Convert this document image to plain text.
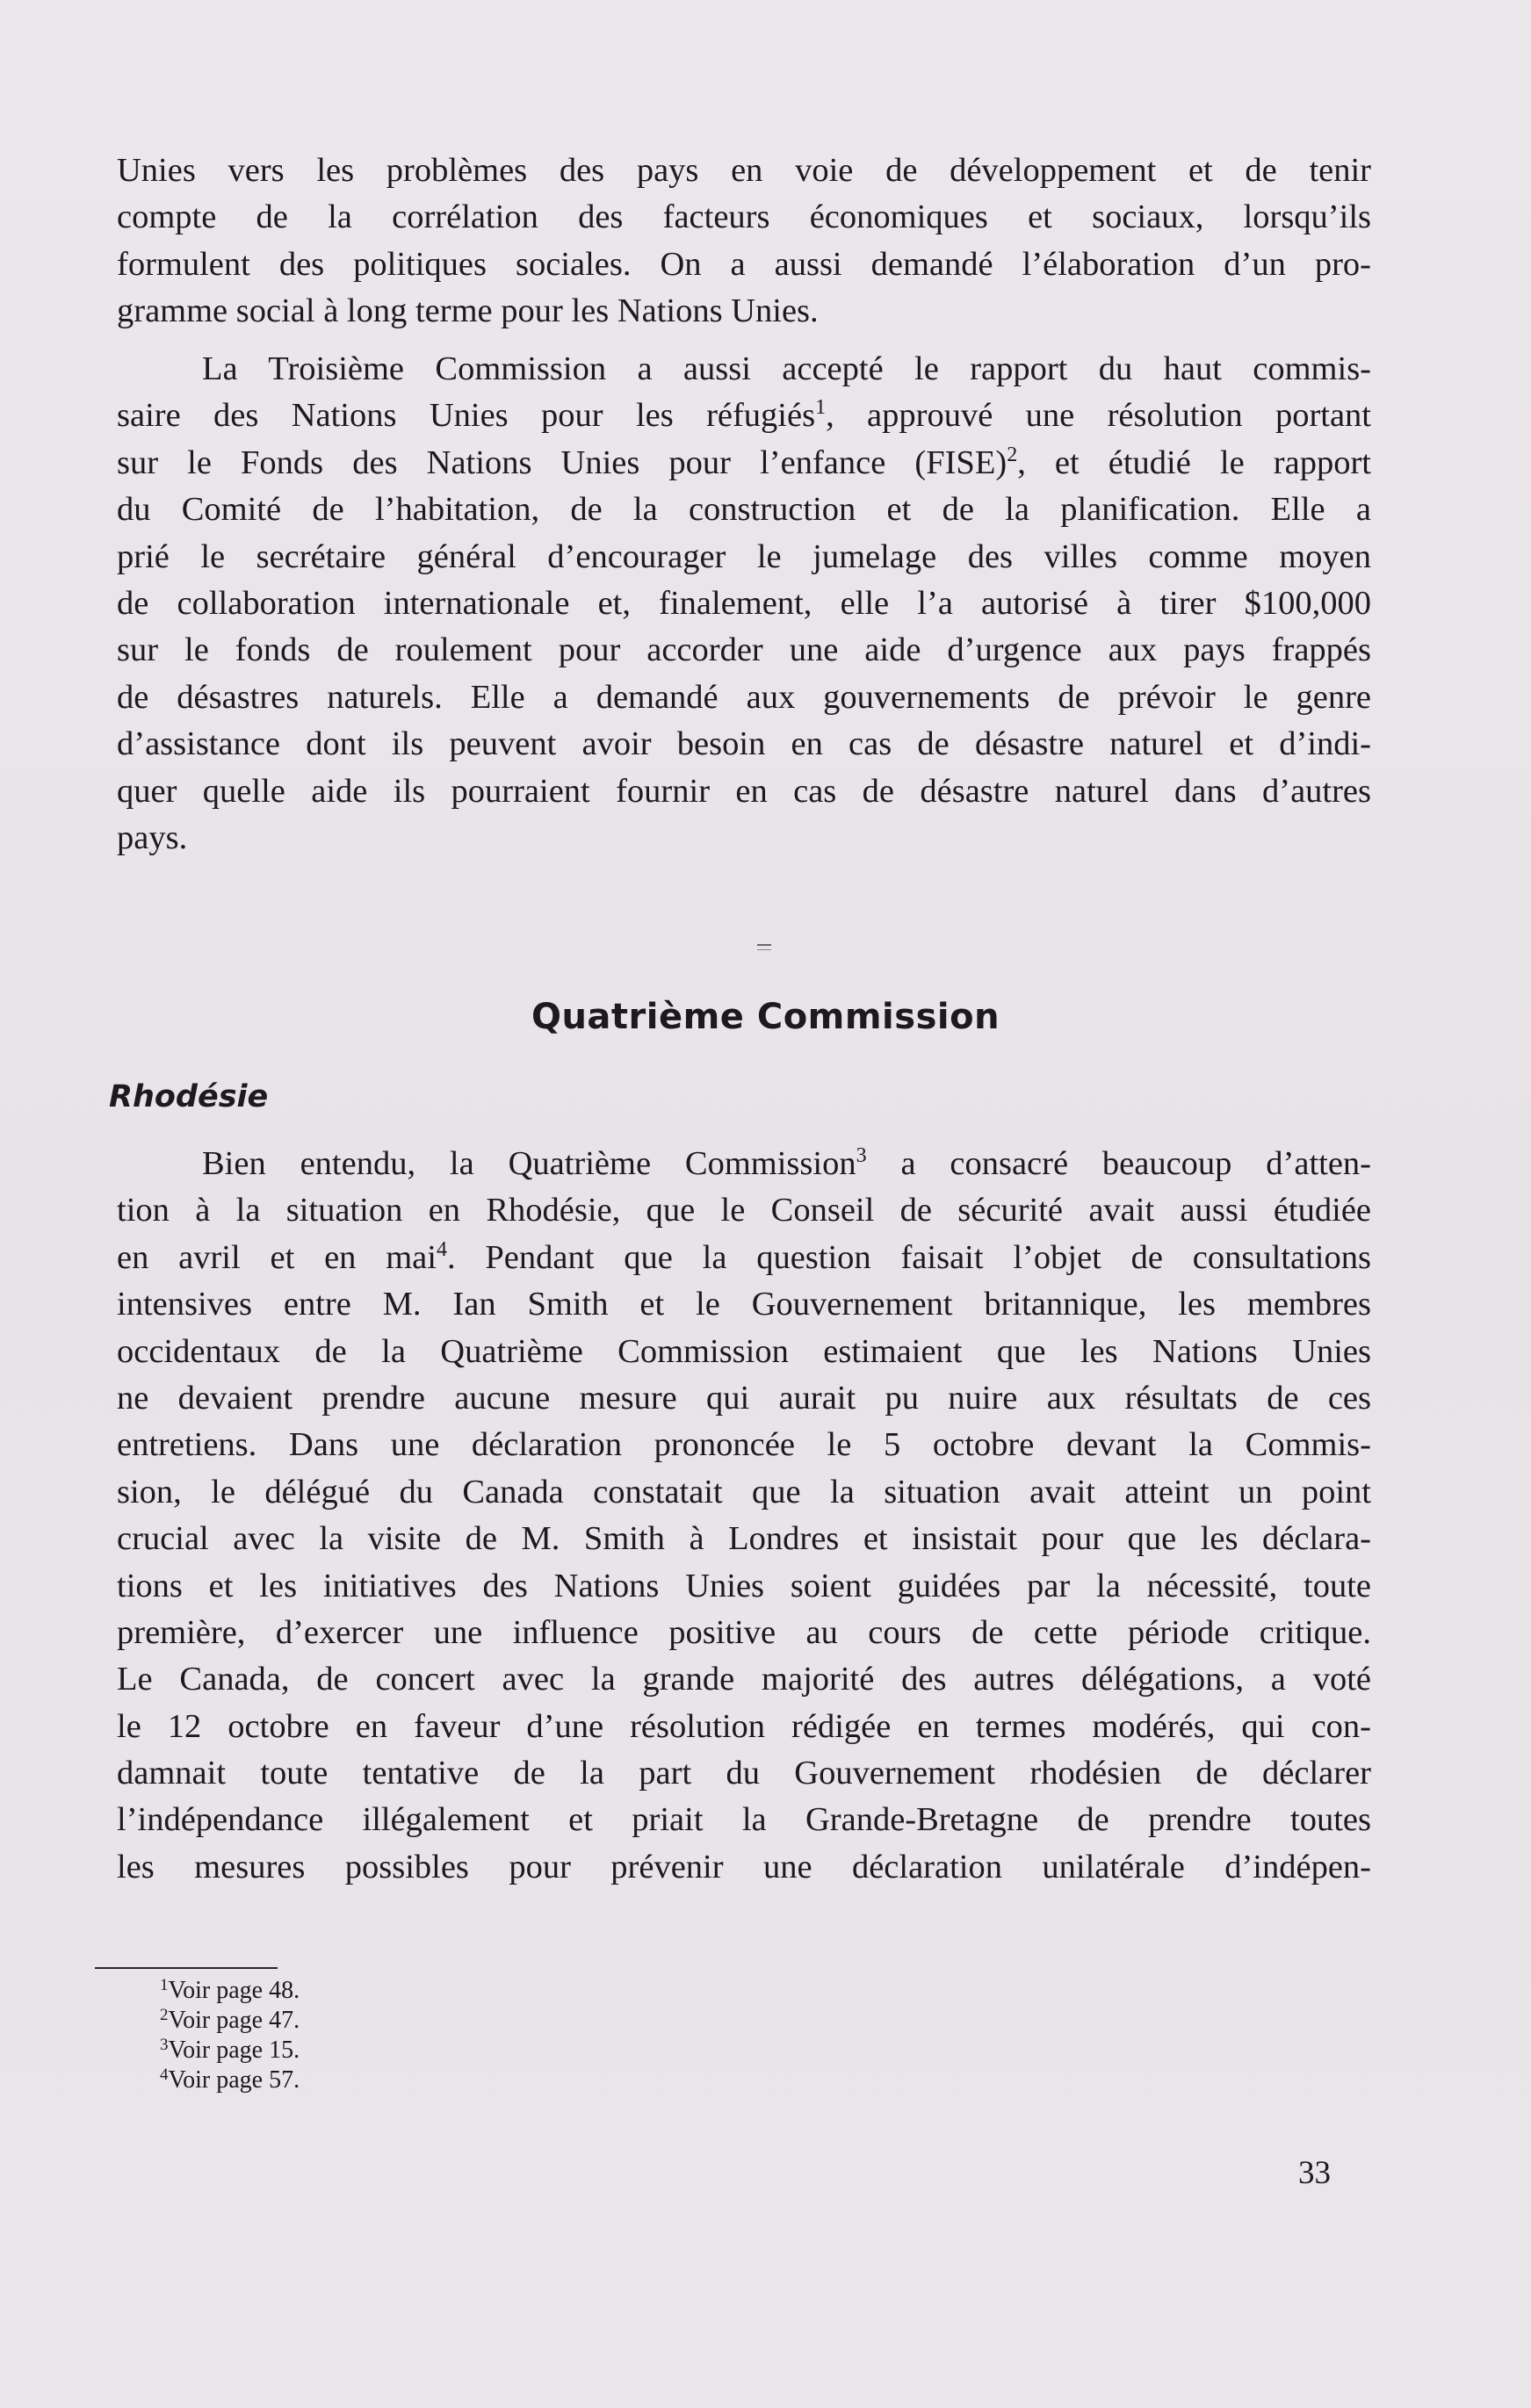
Unies vers les problèmes des pays en voie de développement et de tenir
compte de la corrélation des facteurs économiques et sociaux, lorsqu’ils
formulent des politiques sociales. On a aussi demandé l’élaboration d’un pro-
gramme social à long terme pour les Nations Unies.
La Troisième Commission a aussi accepté le rapport du haut commis-
saire des Nations Unies pour les réfugiés$^1$, approuvé une résolution portant
sur le Fonds des Nations Unies pour l’enfance (FISE)$^2$, et étudié le rapport
du Comité de l’habitation, de la construction et de la planification. Elle a
prié le secrétaire général d’encourager le jumelage des villes comme moyen
de collaboration internationale et, finalement, elle l’a autorisé à tirer $100,000
sur le fonds de roulement pour accorder une aide d’urgence aux pays frappés
de désastres naturels. Elle a demandé aux gouvernements de prévoir le genre
d’assistance dont ils peuvent avoir besoin en cas de désastre naturel et d’indi-
quer quelle aide ils pourraient fournir en cas de désastre naturel dans d’autres
pays.
Quatrième Commission
Rhodésie
Bien entendu, la Quatrième Commission$^3$ a consacré beaucoup d’atten-
tion à la situation en Rhodésie, que le Conseil de sécurité avait aussi étudiée
en avril et en mai$^4$. Pendant que la question faisait l’objet de consultations
intensives entre M. Ian Smith et le Gouvernement britannique, les membres
occidentaux de la Quatrième Commission estimaient que les Nations Unies
ne devaient prendre aucune mesure qui aurait pu nuire aux résultats de ces
entretiens. Dans une déclaration prononcée le 5 octobre devant la Commis-
sion, le délégué du Canada constatait que la situation avait atteint un point
crucial avec la visite de M. Smith à Londres et insistait pour que les déclara-
tions et les initiatives des Nations Unies soient guidées par la nécessité, toute
première, d’exercer une influence positive au cours de cette période critique.
Le Canada, de concert avec la grande majorité des autres délégations, a voté
le 12 octobre en faveur d’une résolution rédigée en termes modérés, qui con-
damnait toute tentative de la part du Gouvernement rhodésien de déclarer
l’indépendance illégalement et priait la Grande-Bretagne de prendre toutes
les mesures possibles pour prévenir une déclaration unilatérale d’indépen-
$^1$Voir page 48.
$^2$Voir page 47.
$^3$Voir page 15.
$^4$Voir page 57.
33
